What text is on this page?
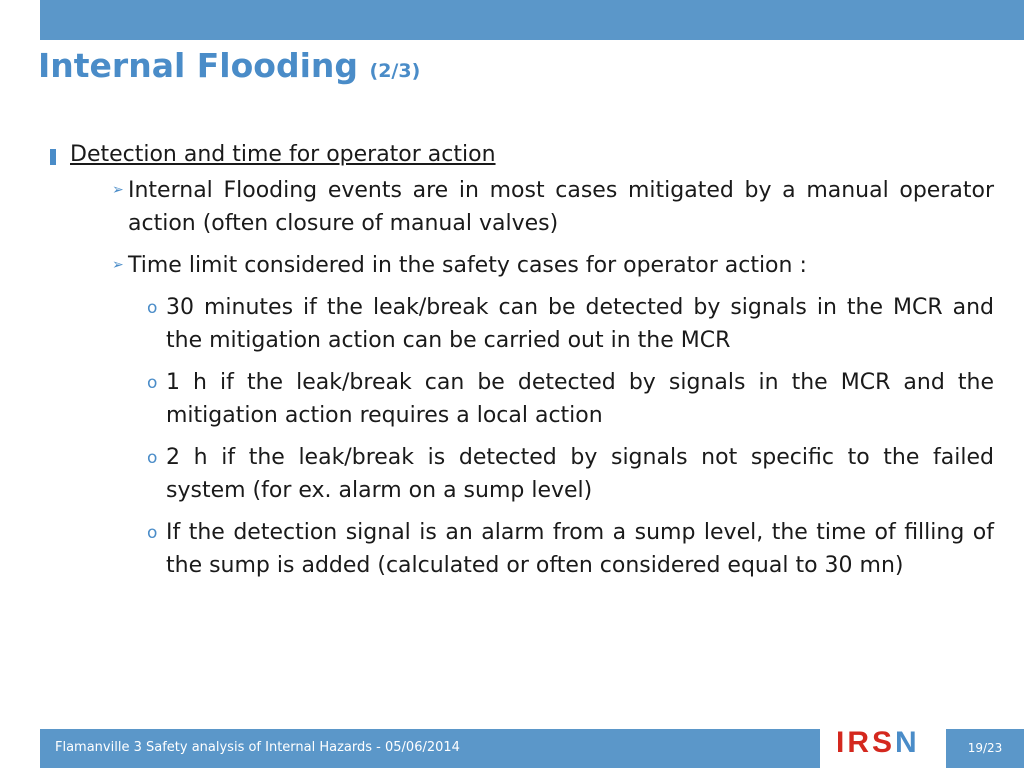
Internal Flooding (2/3)
Detection and time for operator action
➢ Internal Flooding events are in most cases mitigated by a manual operator action (often closure of manual valves)
➢ Time limit considered in the safety cases for operator action :
o 30 minutes if the leak/break can be detected by signals in the MCR and the mitigation action can be carried out in the MCR
o 1 h if the leak/break can be detected by signals in the MCR and the mitigation action requires a local action
o 2 h if the leak/break is detected by signals not specific to the failed system (for ex. alarm on a sump level)
o If the detection signal is an alarm from a sump level, the time of filling of the sump is added (calculated or often considered equal to 30 mn)
Flamanville 3 Safety analysis of Internal Hazards - 05/06/2014	IRS N	19/23
